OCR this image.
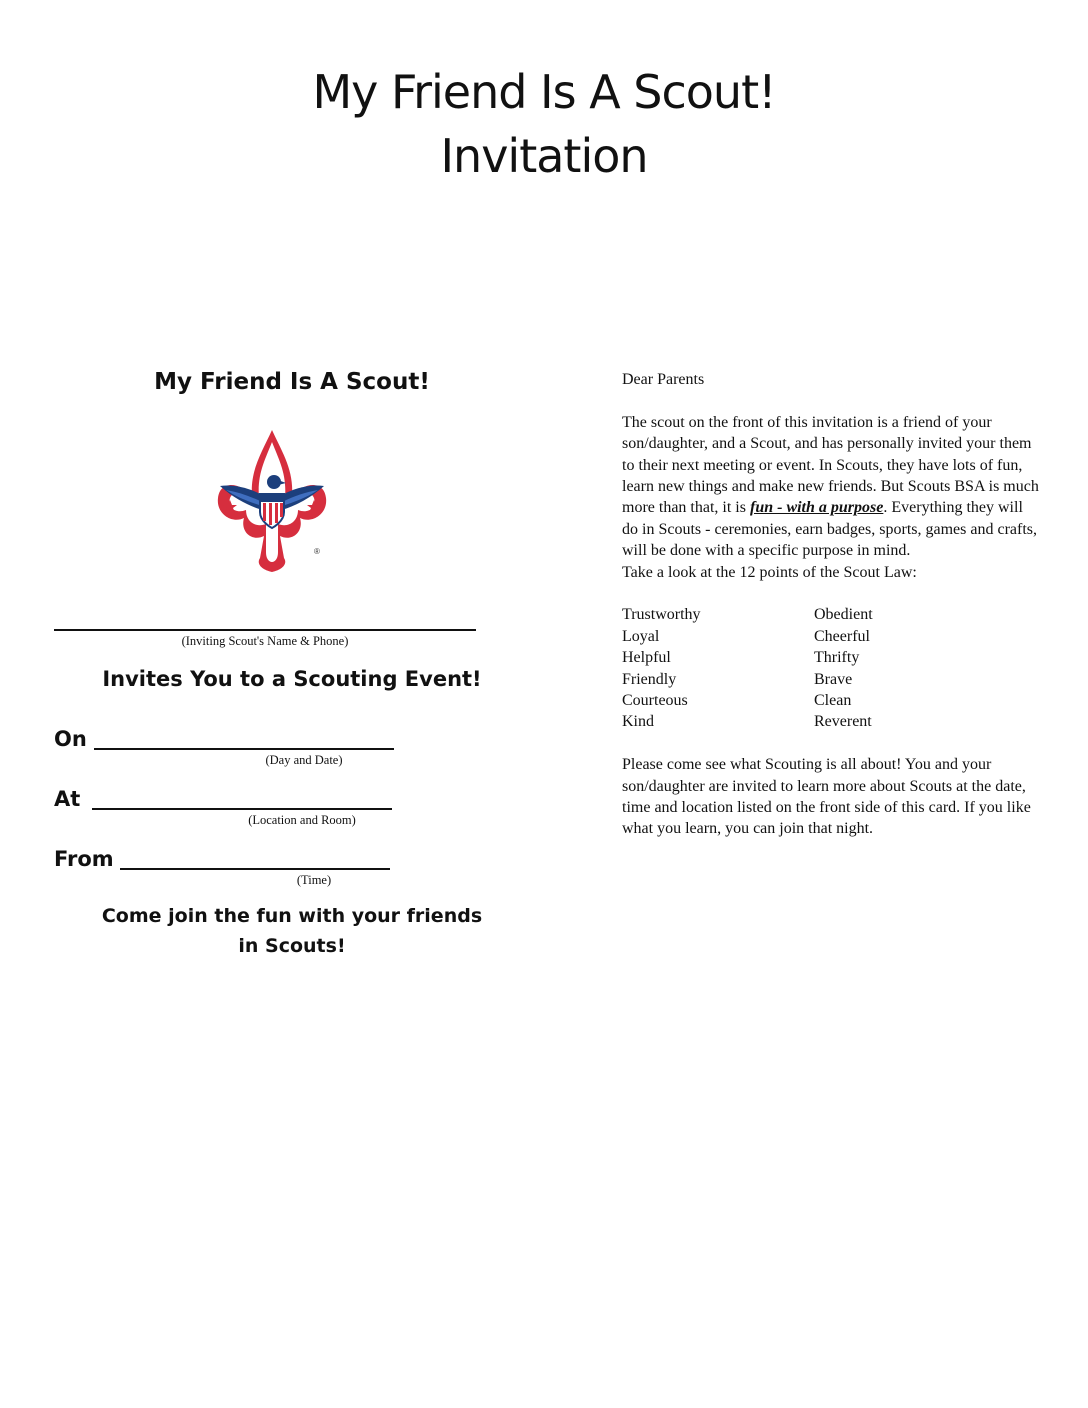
My Friend Is A Scout!
Invitation
My Friend Is A Scout!
®
(Inviting Scout's Name & Phone)
Invites You to a Scouting Event!
On
(Day and Date)
At
(Location and Room)
From
(Time)
Come join the fun with your friends
in Scouts!

Dear Parents

The scout on the front of this invitation is a friend of your son/daughter, and a Scout, and has personally invited your them to their next meeting or event. In Scouts, they have lots of fun, learn new things and make new friends. But Scouts BSA is much more than that, it is fun - with a purpose. Everything they will do in Scouts - ceremonies, earn badges, sports, games and crafts, will be done with a specific purpose in mind.

Take a look at the 12 points of the Scout Law:

Trustworthy	Obedient
Loyal	Cheerful
Helpful	Thrifty
Friendly	Brave
Courteous	Clean
Kind	Reverent

Please come see what Scouting is all about! You and your son/daughter are invited to learn more about Scouts at the date, time and location listed on the front side of this card. If you like what you learn, you can join that night.
